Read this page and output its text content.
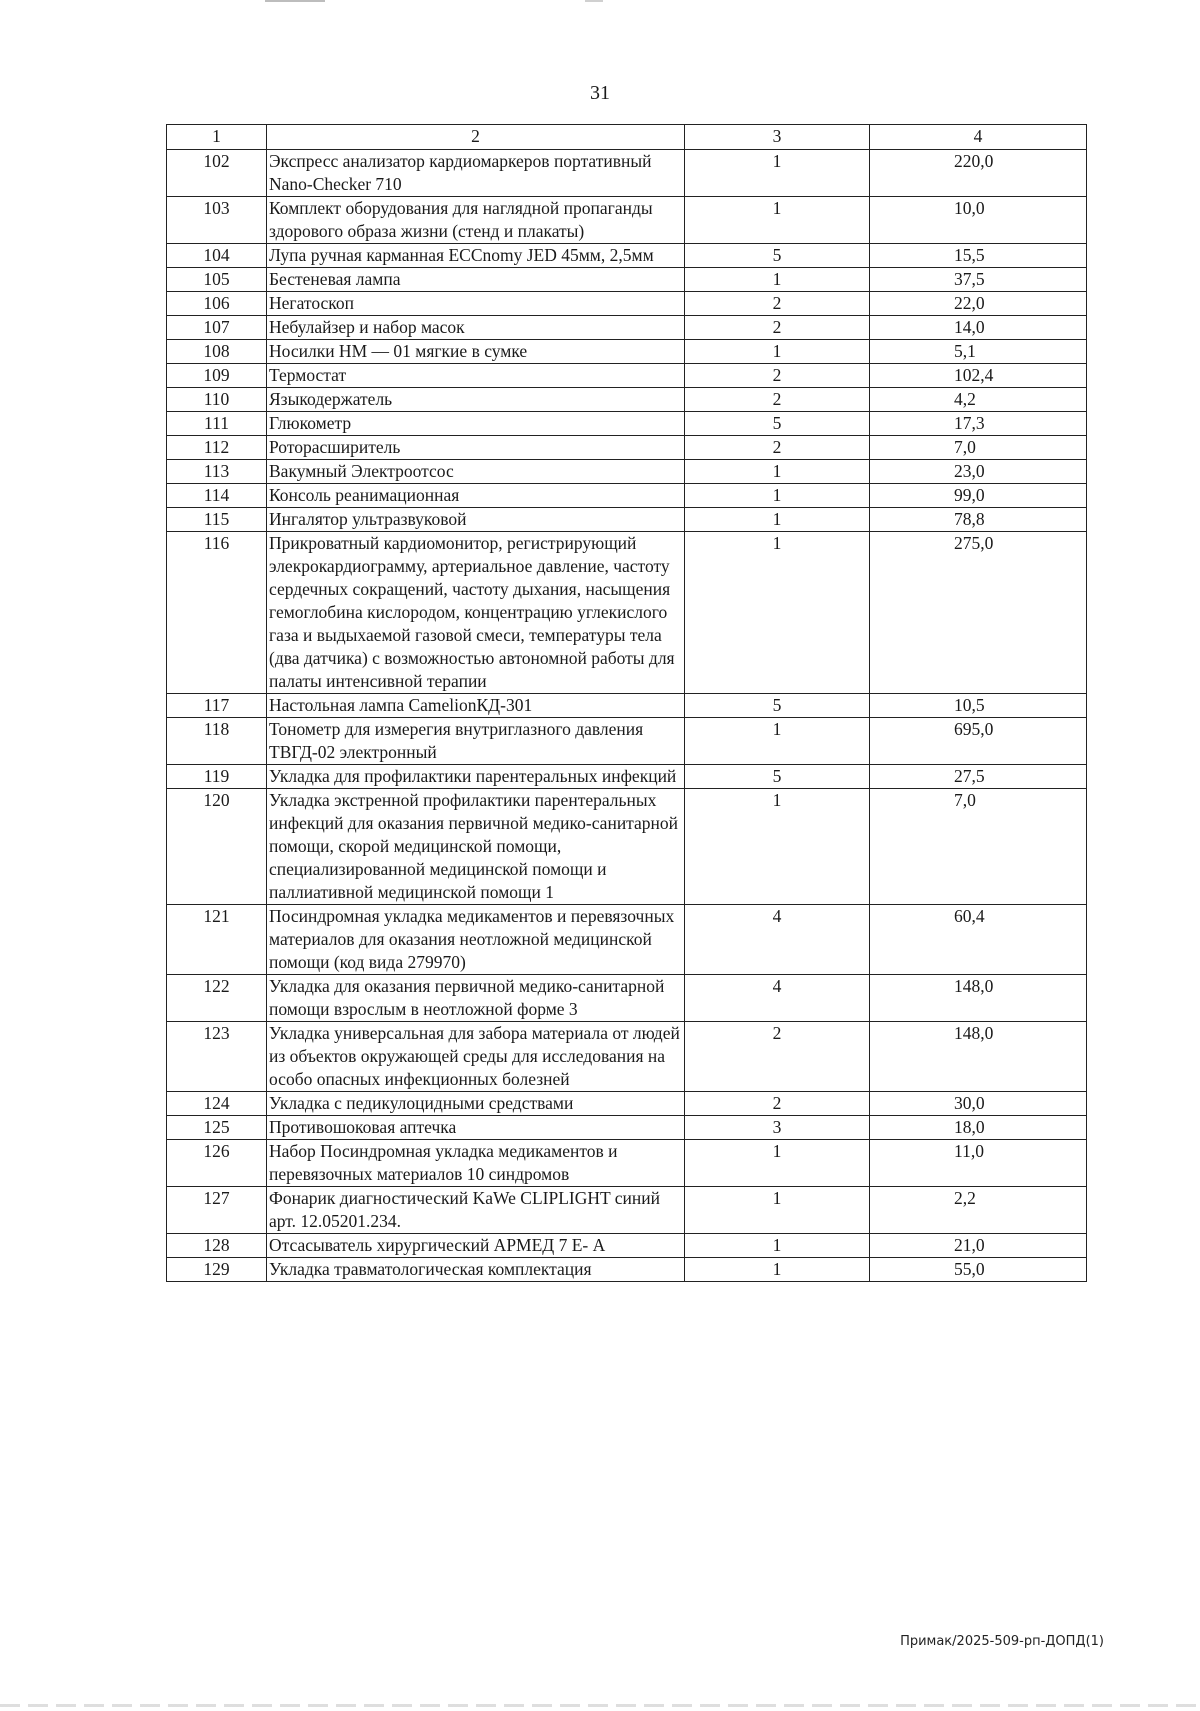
31
1	2	3	4
102	Экспресс анализатор кардиомаркеров портативный Nano-Checker 710	1	220,0
103	Комплект оборудования для наглядной пропаганды здорового образа жизни (стенд и плакаты)	1	10,0
104	Лупа ручная карманная ECCnomy JED 45мм, 2,5мм	5	15,5
105	Бестеневая лампа	1	37,5
106	Негатоскоп	2	22,0
107	Небулайзер и набор масок	2	14,0
108	Носилки НМ — 01 мягкие в сумке	1	5,1
109	Термостат	2	102,4
110	Языкодержатель	2	4,2
111	Глюкометр	5	17,3
112	Роторасширитель	2	7,0
113	Вакумный Электроотсос	1	23,0
114	Консоль реанимационная	1	99,0
115	Ингалятор ультразвуковой	1	78,8
116	Прикроватный кардиомонитор, регистрирующий элекрокардиограмму, артериальное давление, частоту сердечных сокращений, частоту дыхания, насыщения гемоглобина кислородом, концентрацию углекислого газа и выдыхаемой газовой смеси, температуры тела (два датчика) с возможностью автономной работы для палаты интенсивной терапии	1	275,0
117	Настольная лампа CamelionКД-301	5	10,5
118	Тонометр для измерегия внутриглазного давления ТВГД-02 электронный	1	695,0
119	Укладка для профилактики парентеральных инфекций	5	27,5
120	Укладка экстренной профилактики парентеральных инфекций для оказания первичной медико-санитарной помощи, скорой медицинской помощи, специализированной медицинской помощи и паллиативной медицинской помощи 1	1	7,0
121	Посиндромная укладка медикаментов и перевязочных материалов для оказания неотложной медицинской помощи (код вида 279970)	4	60,4
122	Укладка для оказания первичной медико-санитарной помощи взрослым в неотложной форме 3	4	148,0
123	Укладка универсальная для забора материала от людей из объектов окружающей среды для исследования на особо опасных инфекционных болезней	2	148,0
124	Укладка с педикулоцидными средствами	2	30,0
125	Противошоковая аптечка	3	18,0
126	Набор Посиндромная укладка медикаментов и перевязочных материалов 10 синдромов	1	11,0
127	Фонарик диагностический KaWe CLIPLIGHT синий арт. 12.05201.234.	1	2,2
128	Отсасыватель хирургический АРМЕД 7 Е- А	1	21,0
129	Укладка травматологическая комплектация	1	55,0
Примак/2025-509-рп-ДОПД(1)
